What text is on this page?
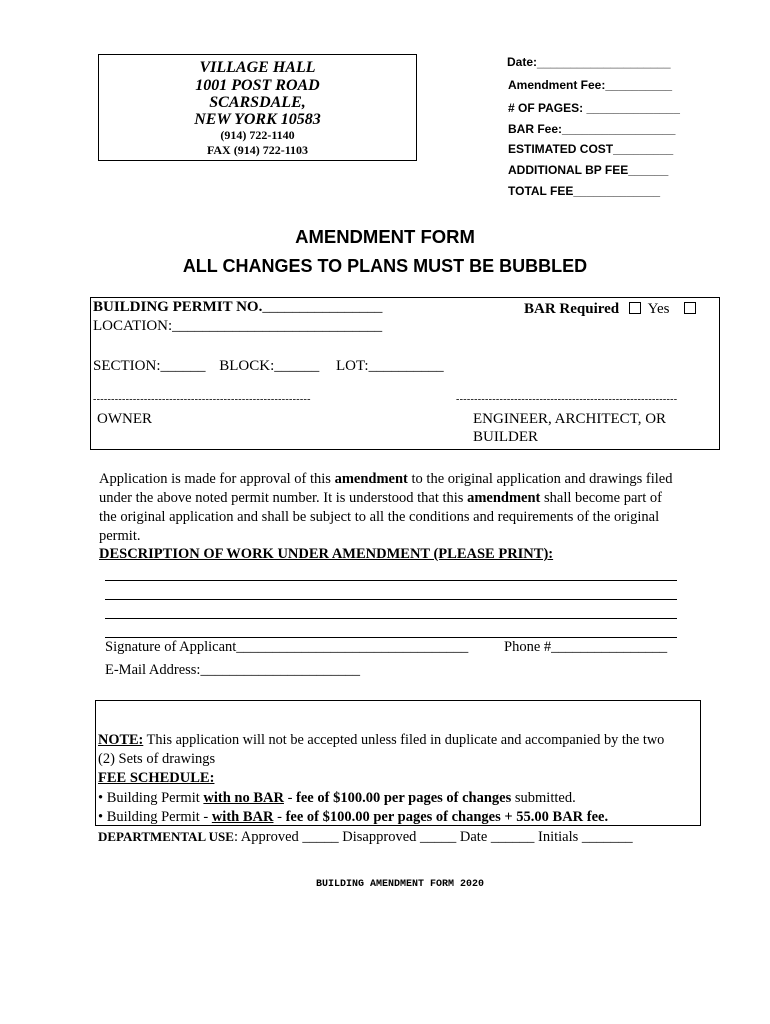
VILLAGE HALL
1001 POST ROAD
SCARSDALE,
NEW YORK 10583
(914) 722-1140
FAX (914) 722-1103
Date:____________________
Amendment Fee:__________
# OF PAGES: ______________
BAR Fee:_________________
ESTIMATED COST_________
ADDITIONAL BP FEE______
TOTAL FEE_____________
AMENDMENT FORM
ALL CHANGES TO PLANS MUST BE BUBBLED
BUILDING PERMIT NO.________________	BAR Required Yes
LOCATION:____________________________
SECTION:______ BLOCK:______ LOT:__________
------------------------------------------------------------	-------------------------------------------------------------
OWNER	ENGINEER, ARCHITECT, OR
BUILDER
Application is made for approval of this amendment to the original application and drawings filed
under the above noted permit number. It is understood that this amendment shall become part of
the original application and shall be subject to all the conditions and requirements of the original
permit.
DESCRIPTION OF WORK UNDER AMENDMENT (PLEASE PRINT):
Signature of Applicant________________________________ Phone #________________
E-Mail Address:______________________
NOTE: This application will not be accepted unless filed in duplicate and accompanied by the two
(2) Sets of drawings
FEE SCHEDULE:
• Building Permit with no BAR - fee of $100.00 per pages of changes submitted.
• Building Permit - with BAR - fee of $100.00 per pages of changes + 55.00 BAR fee.
DEPARTMENTAL USE: Approved _____ Disapproved _____ Date ______ Initials _______
BUILDING AMENDMENT FORM 2020
